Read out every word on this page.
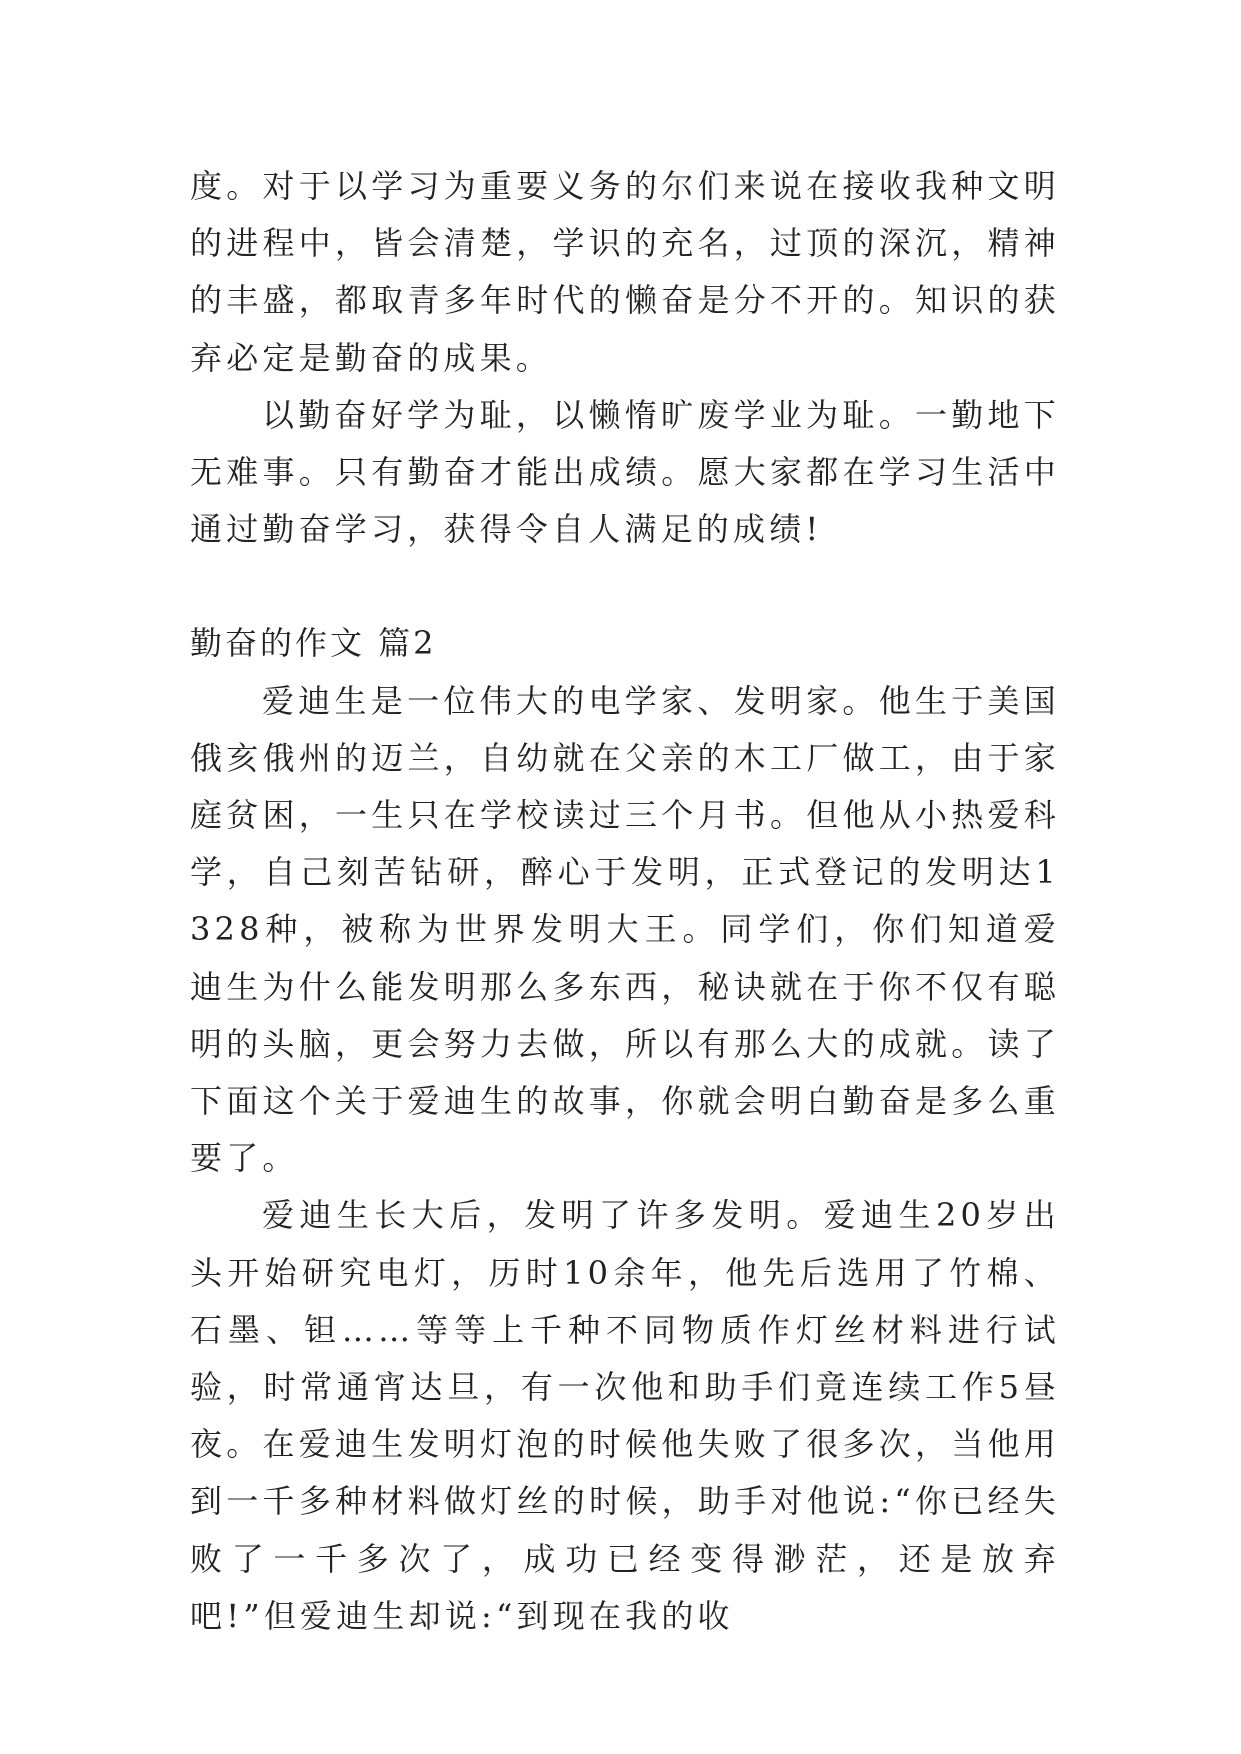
度。对于以学习为重要义务的尔们来说在接收我种文明的进程中，皆会清楚，学识的充名，过顶的深沉，精神的丰盛，都取青多年时代的懒奋是分不开的。知识的获弃必定是勤奋的成果。

以勤奋好学为耻，以懒惰旷废学业为耻。一勤地下无难事。只有勤奋才能出成绩。愿大家都在学习生活中通过勤奋学习，获得令自人满足的成绩!

勤奋的作文 篇2

爱迪生是一位伟大的电学家、发明家。他生于美国俄亥俄州的迈兰，自幼就在父亲的木工厂做工，由于家庭贫困，一生只在学校读过三个月书。但他从小热爱科学，自己刻苦钻研，醉心于发明，正式登记的发明达1328种，被称为世界发明大王。同学们，你们知道爱迪生为什么能发明那么多东西，秘诀就在于你不仅有聪明的头脑，更会努力去做，所以有那么大的成就。读了下面这个关于爱迪生的故事，你就会明白勤奋是多么重要了。

爱迪生长大后，发明了许多发明。爱迪生20岁出头开始研究电灯，历时10余年，他先后选用了竹棉、石墨、钽……等等上千种不同物质作灯丝材料进行试验，时常通宵达旦，有一次他和助手们竟连续工作5昼夜。在爱迪生发明灯泡的时候他失败了很多次，当他用到一千多种材料做灯丝的时候，助手对他说:“你已经失败了一千多次了，成功已经变得渺茫，还是放弃吧!”但爱迪生却说:“到现在我的收
